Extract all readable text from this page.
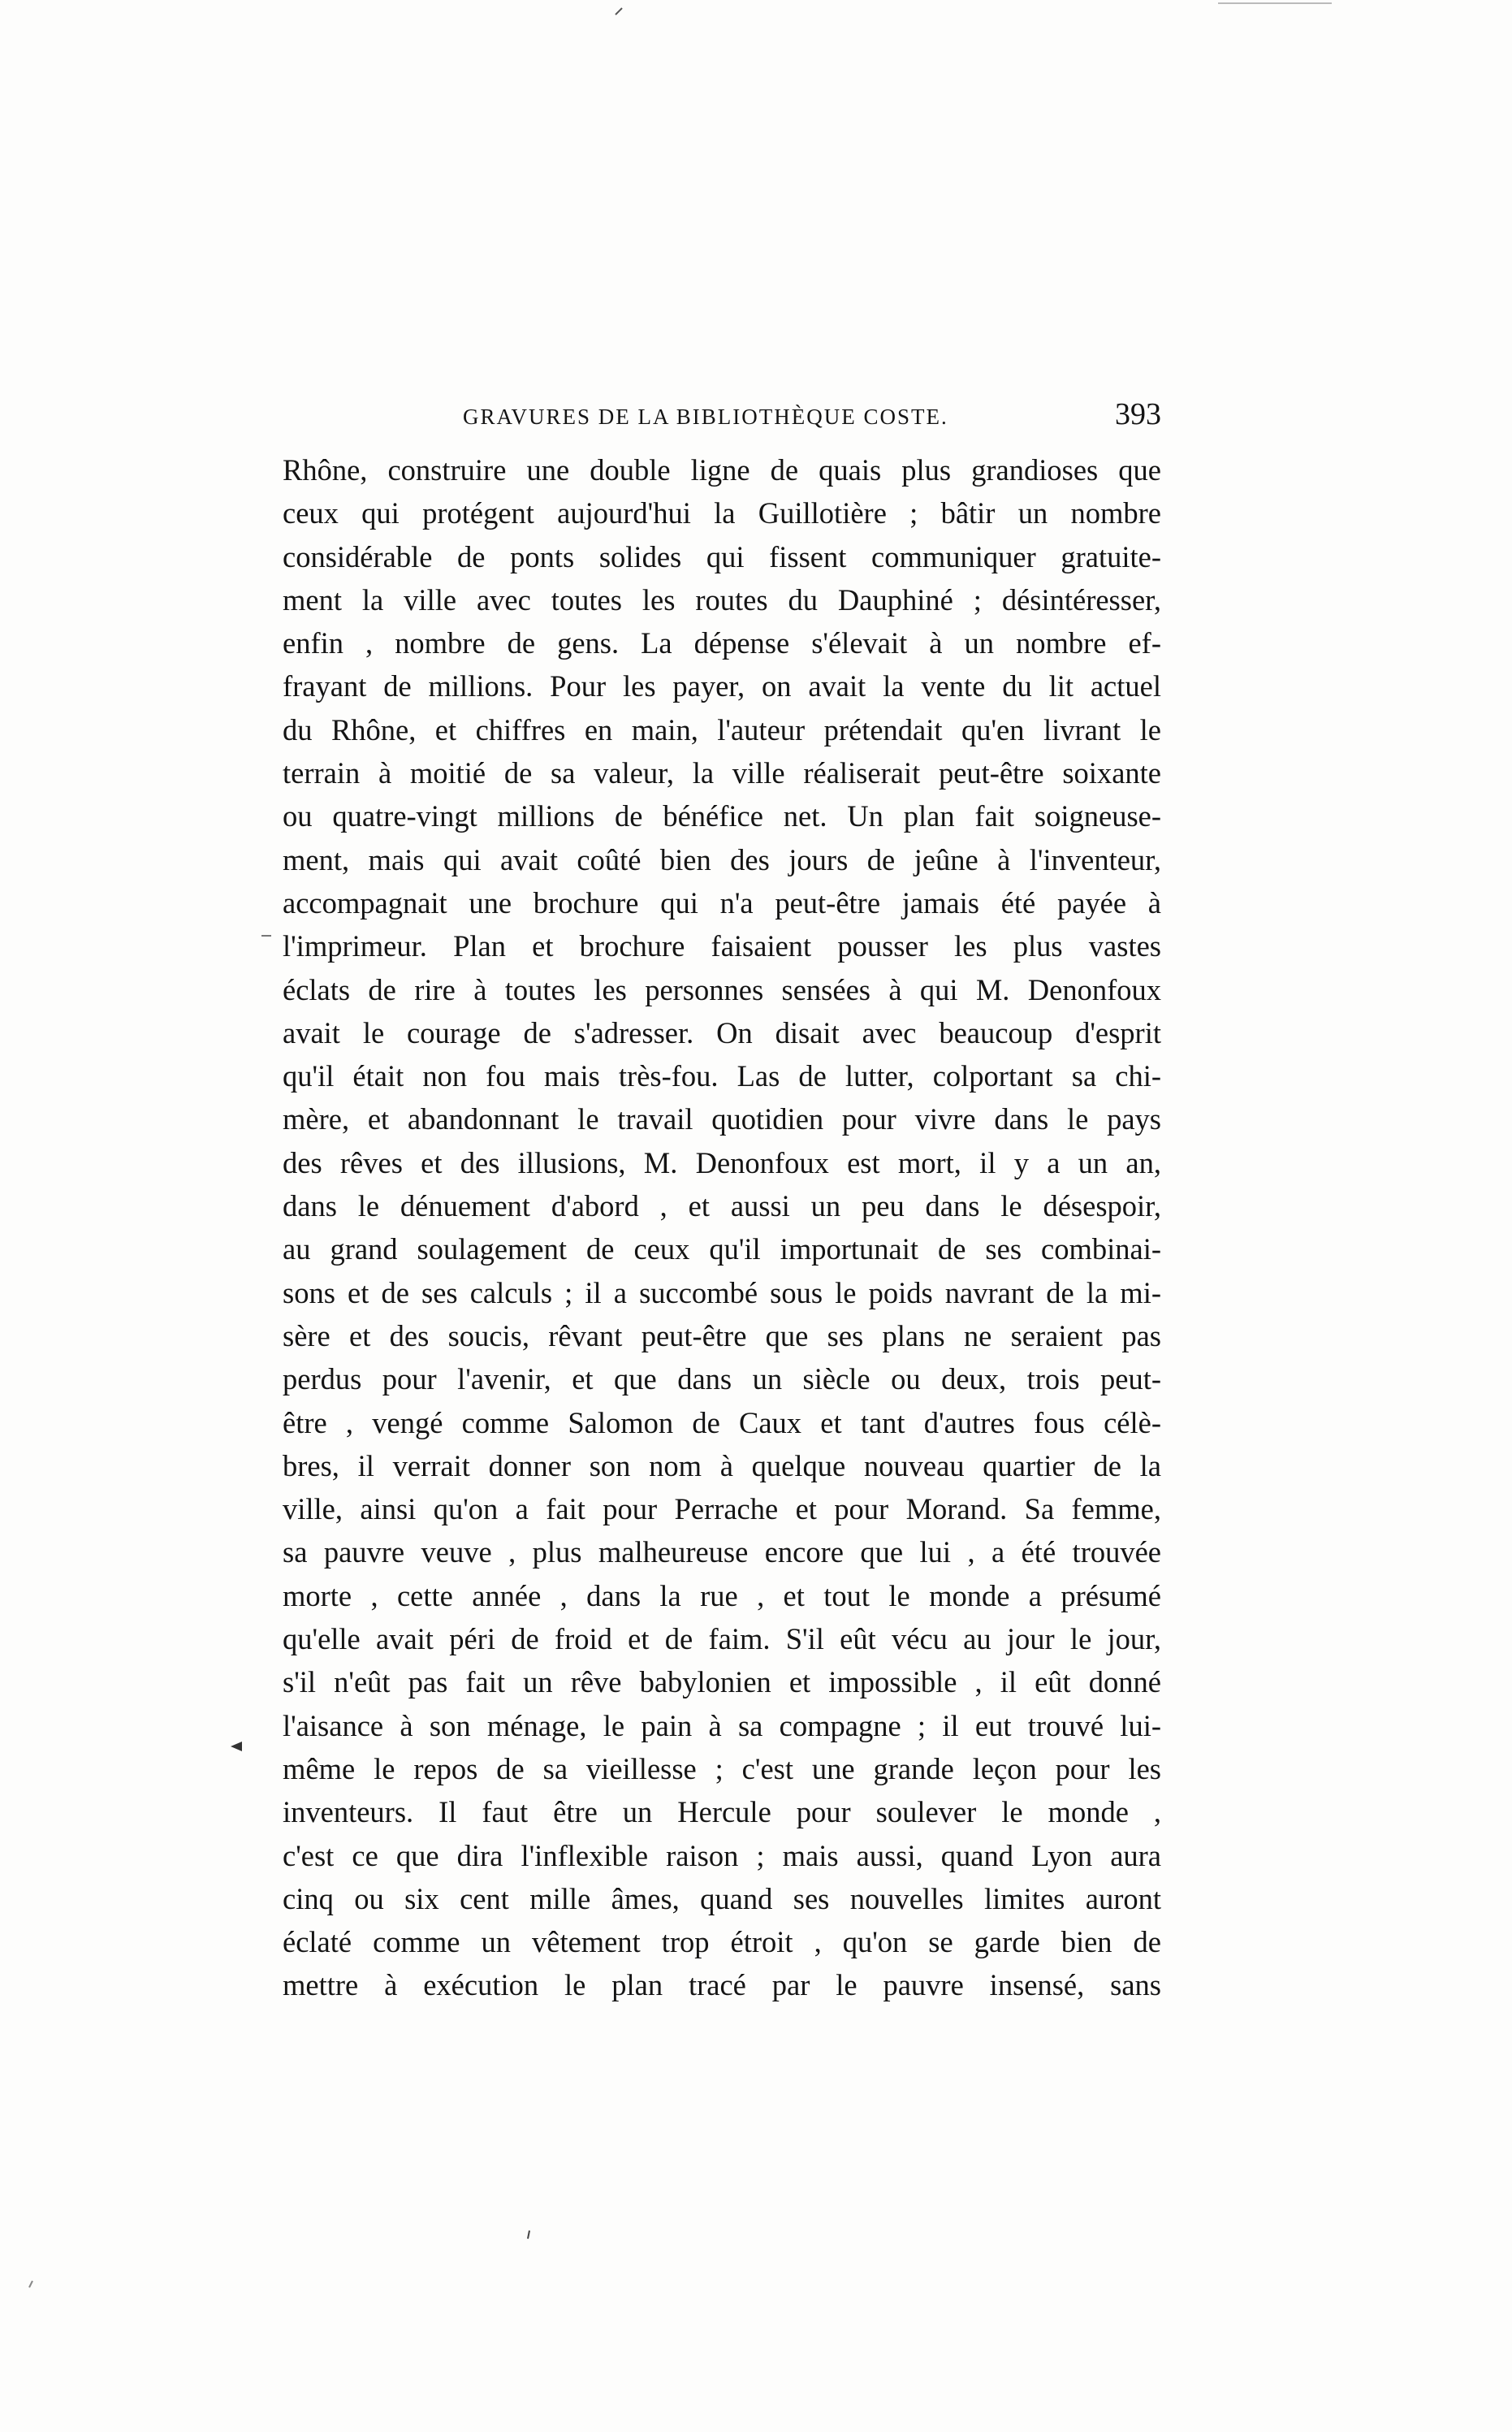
GRAVURES DE LA BIBLIOTHÈQUE COSTE.	393
Rhône, construire une double ligne de quais plus grandioses que
ceux qui protégent aujourd'hui la Guillotière ; bâtir un nombre
considérable de ponts solides qui fissent communiquer gratuite-
ment la ville avec toutes les routes du Dauphiné ; désintéresser,
enfin , nombre de gens. La dépense s'élevait à un nombre ef-
frayant de millions. Pour les payer, on avait la vente du lit actuel
du Rhône, et chiffres en main, l'auteur prétendait qu'en livrant le
terrain à moitié de sa valeur, la ville réaliserait peut-être soixante
ou quatre-vingt millions de bénéfice net. Un plan fait soigneuse-
ment, mais qui avait coûté bien des jours de jeûne à l'inventeur,
accompagnait une brochure qui n'a peut-être jamais été payée à
l'imprimeur. Plan et brochure faisaient pousser les plus vastes
éclats de rire à toutes les personnes sensées à qui M. Denonfoux
avait le courage de s'adresser. On disait avec beaucoup d'esprit
qu'il était non fou mais très-fou. Las de lutter, colportant sa chi-
mère, et abandonnant le travail quotidien pour vivre dans le pays
des rêves et des illusions, M. Denonfoux est mort, il y a un an,
dans le dénuement d'abord , et aussi un peu dans le désespoir,
au grand soulagement de ceux qu'il importunait de ses combinai-
sons et de ses calculs ; il a succombé sous le poids navrant de la mi-
sère et des soucis, rêvant peut-être que ses plans ne seraient pas
perdus pour l'avenir, et que dans un siècle ou deux, trois peut-
être , vengé comme Salomon de Caux et tant d'autres fous célè-
bres, il verrait donner son nom à quelque nouveau quartier de la
ville, ainsi qu'on a fait pour Perrache et pour Morand. Sa femme,
sa pauvre veuve , plus malheureuse encore que lui , a été trouvée
morte , cette année , dans la rue , et tout le monde a présumé
qu'elle avait péri de froid et de faim. S'il eût vécu au jour le jour,
s'il n'eût pas fait un rêve babylonien et impossible , il eût donné
l'aisance à son ménage, le pain à sa compagne ; il eut trouvé lui-
même le repos de sa vieillesse ; c'est une grande leçon pour les
inventeurs. Il faut être un Hercule pour soulever le monde ,
c'est ce que dira l'inflexible raison ; mais aussi, quand Lyon aura
cinq ou six cent mille âmes, quand ses nouvelles limites auront
éclaté comme un vêtement trop étroit , qu'on se garde bien de
mettre à exécution le plan tracé par le pauvre insensé, sans
